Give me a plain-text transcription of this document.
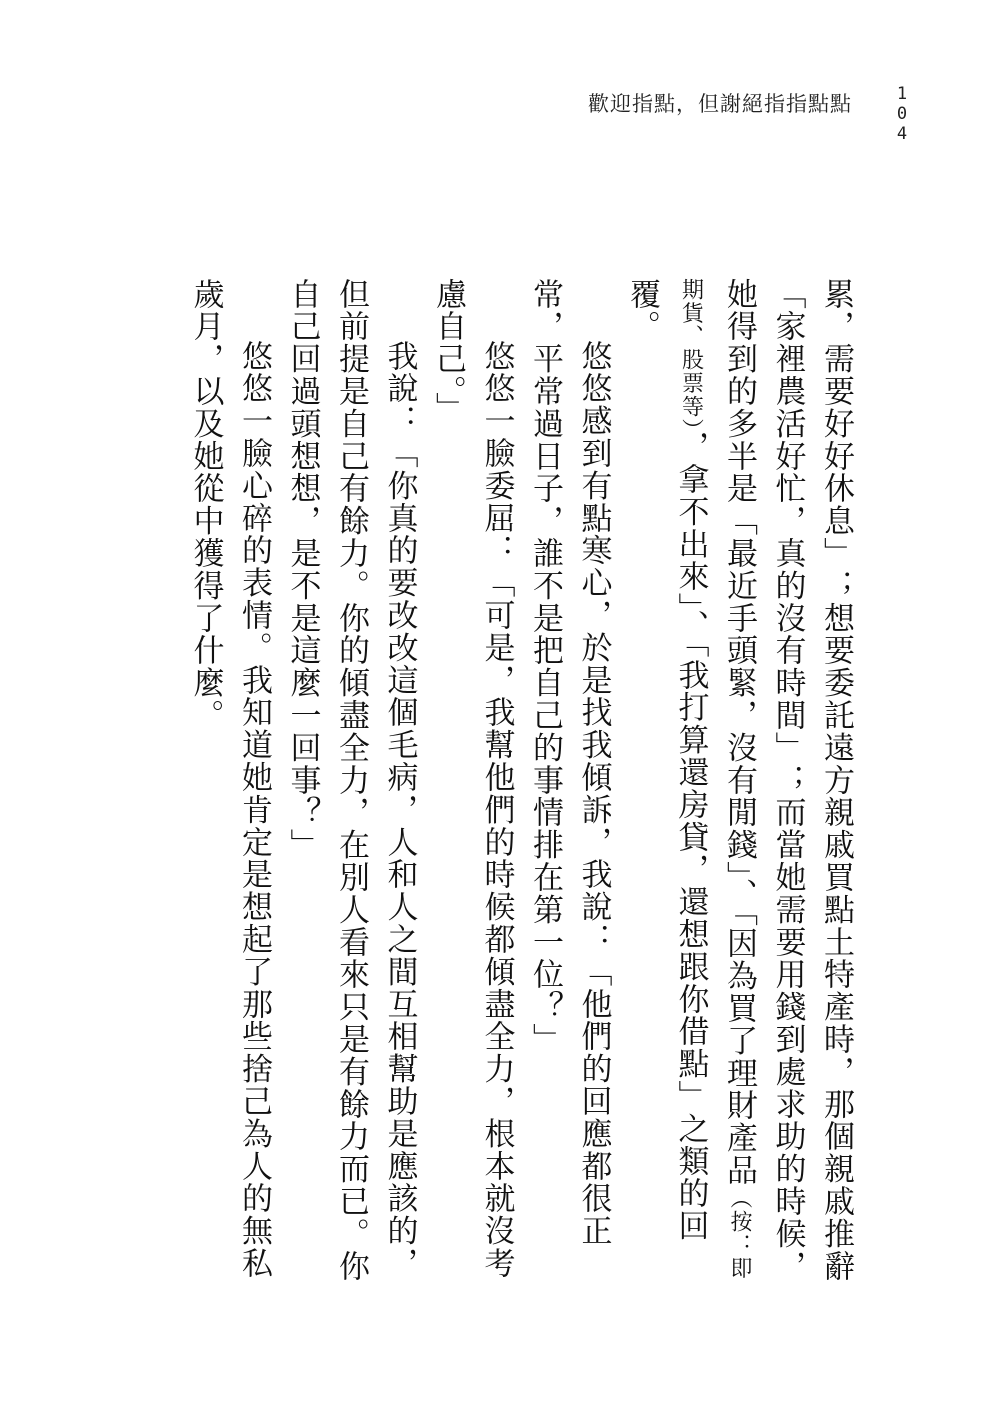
歡迎指點，但謝絕指指點點 104

累，需要好好休息」；想要委託遠方親戚買點土特產時，那個親戚推辭「家裡農活好忙，真的沒有時間」；而當她需要用錢到處求助的時候，她得到的多半是「最近手頭緊，沒有閒錢」、「因為買了理財產品（按：即期貨、股票等），拿不出來」、「我打算還房貸，還想跟你借點」之類的回覆。

悠悠感到有點寒心，於是找我傾訴，我說：「他們的回應都很正常，平常過日子，誰不是把自己的事情排在第一位？」

悠悠一臉委屈：「可是，我幫他們的時候都傾盡全力，根本就沒考慮自己。」

我說：「你真的要改改這個毛病，人和人之間互相幫助是應該的，但前提是自己有餘力。你的傾盡全力，在別人看來只是有餘力而已。你自己回過頭想想，是不是這麼一回事？」

悠悠一臉心碎的表情。我知道她肯定是想起了那些捨己為人的無私歲月，以及她從中獲得了什麼。
